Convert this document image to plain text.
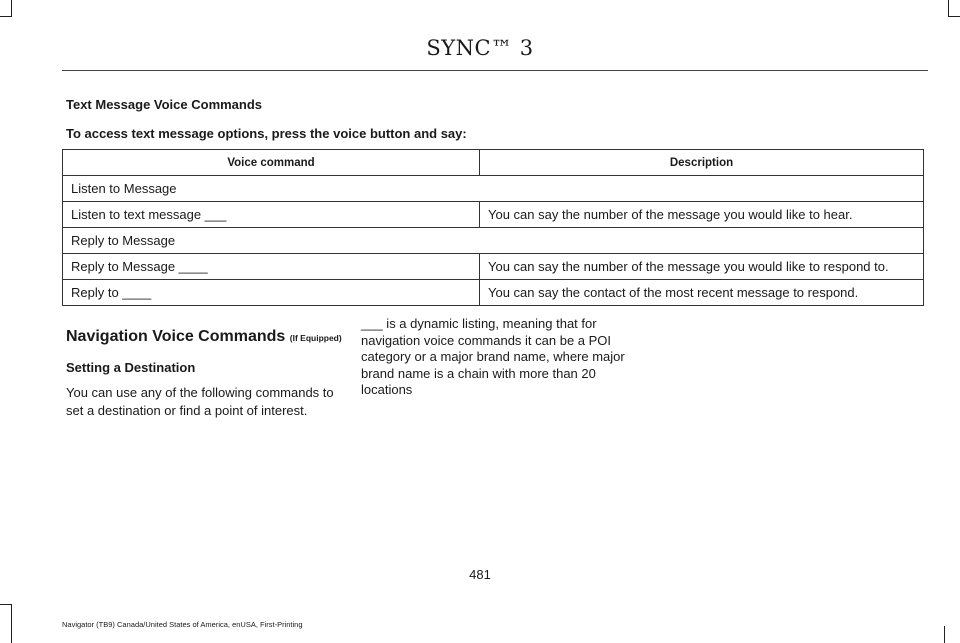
SYNC™ 3
Text Message Voice Commands
To access text message options, press the voice button and say:
Voice command	Description
Listen to Message	
Listen to text message ___	You can say the number of the message you would like to hear.
Reply to Message	
Reply to Message ____	You can say the number of the message you would like to respond to.
Reply to ____	You can say the contact of the most recent message to respond.
Navigation Voice Commands (If Equipped)
Setting a Destination
You can use any of the following commands to set a destination or find a point of interest.
___ is a dynamic listing, meaning that for navigation voice commands it can be a POI category or a major brand name, where major brand name is a chain with more than 20 locations
481
Navigator (TB9) Canada/United States of America, enUSA, First-Printing
